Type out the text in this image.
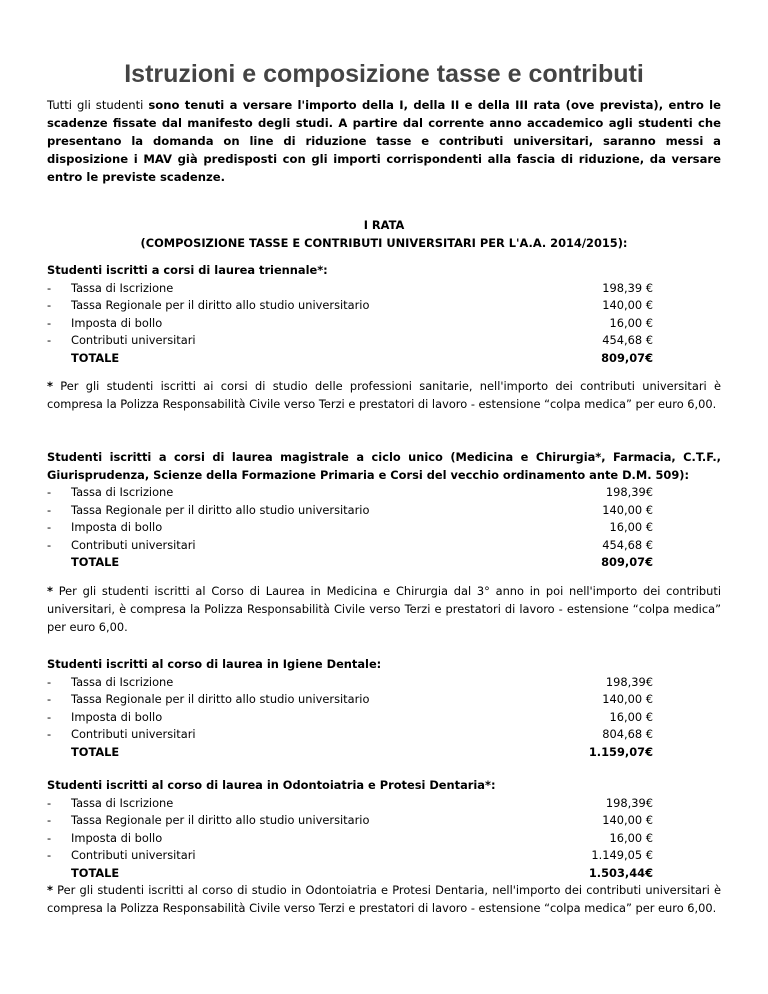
Istruzioni e composizione tasse e contributi
Tutti gli studenti sono tenuti a versare l'importo della I, della II e della III rata (ove prevista), entro le scadenze fissate dal manifesto degli studi. A partire dal corrente anno accademico agli studenti che presentano la domanda on line di riduzione tasse e contributi universitari, saranno messi a disposizione i MAV già predisposti con gli importi corrispondenti alla fascia di riduzione, da versare entro le previste scadenze.
I RATA
(COMPOSIZIONE TASSE E CONTRIBUTI UNIVERSITARI PER L'A.A. 2014/2015):
Studenti iscritti a corsi di laurea triennale*:
-	Tassa di Iscrizione	198,39 €
-	Tassa Regionale per il diritto allo studio universitario	140,00 €
-	Imposta di bollo	16,00 €
-	Contributi universitari	454,68 €
TOTALE	809,07€
* Per gli studenti iscritti ai corsi di studio delle professioni sanitarie, nell'importo dei contributi universitari è compresa la Polizza Responsabilità Civile verso Terzi e prestatori di lavoro - estensione “colpa medica” per euro 6,00.
Studenti iscritti a corsi di laurea magistrale a ciclo unico (Medicina e Chirurgia*, Farmacia, C.T.F., Giurisprudenza, Scienze della Formazione Primaria e Corsi del vecchio ordinamento ante D.M. 509):
-	Tassa di Iscrizione	198,39€
-	Tassa Regionale per il diritto allo studio universitario	140,00 €
-	Imposta di bollo	16,00 €
-	Contributi universitari	454,68 €
TOTALE	809,07€
* Per gli studenti iscritti al Corso di Laurea in Medicina e Chirurgia dal 3° anno in poi nell'importo dei contributi universitari, è compresa la Polizza Responsabilità Civile verso Terzi e prestatori di lavoro - estensione “colpa medica” per euro 6,00.
Studenti iscritti al corso di laurea in Igiene Dentale:
-	Tassa di Iscrizione	198,39€
-	Tassa Regionale per il diritto allo studio universitario	140,00 €
-	Imposta di bollo	16,00 €
-	Contributi universitari	804,68 €
TOTALE	1.159,07€
Studenti iscritti al corso di laurea in Odontoiatria e Protesi Dentaria*:
-	Tassa di Iscrizione	198,39€
-	Tassa Regionale per il diritto allo studio universitario	140,00 €
-	Imposta di bollo	16,00 €
-	Contributi universitari	1.149,05 €
TOTALE	1.503,44€
* Per gli studenti iscritti al corso di studio in Odontoiatria e Protesi Dentaria, nell'importo dei contributi universitari è compresa la Polizza Responsabilità Civile verso Terzi e prestatori di lavoro - estensione “colpa medica” per euro 6,00.
